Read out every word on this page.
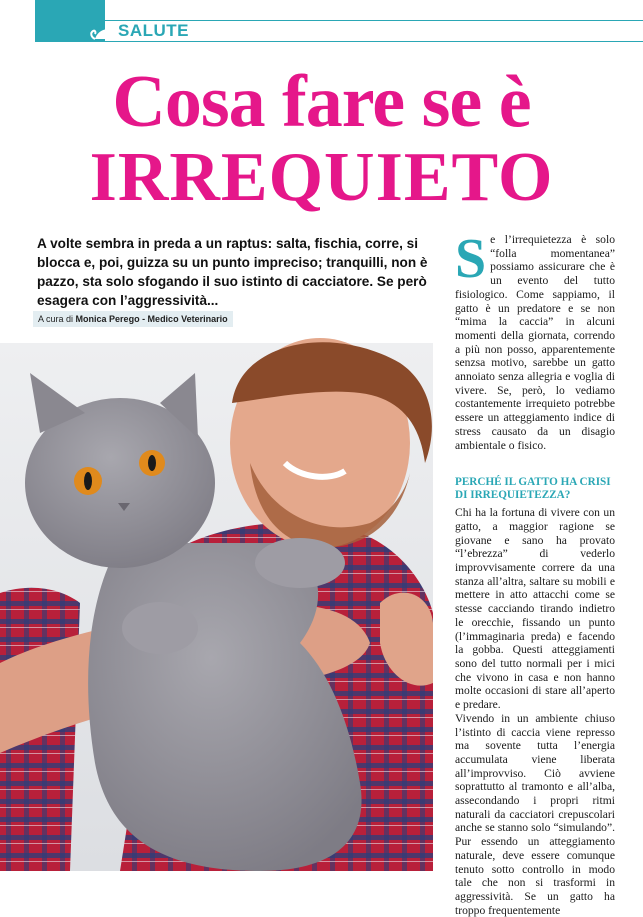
SALUTE
Cosa fare se è
IRREQUIETO
A volte sembra in preda a un raptus: salta, fischia, corre, si blocca e, poi, guizza su un punto impreciso; tranquilli, non è pazzo, sta solo sfogando il suo istinto di cacciatore. Se però esagera con l’aggressività...
A cura di Monica Perego - Medico Veterinario
S e l’irrequietezza è solo “folla momentanea” possiamo assicurare che è un evento del tutto fisiologico. Come sappiamo, il gatto è un predatore e se non “mima la caccia” in alcuni momenti della giornata, correndo a più non posso, apparentemente senzsa motivo, sarebbe un gatto annoiato senza allegria e voglia di vivere. Se, però, lo vediamo costantemente irrequieto potrebbe essere un atteggiamento indice di stress causato da un disagio ambientale o fisico.

PERCHÉ IL GATTO HA CRISI DI IRREQUIETEZZA?

Chi ha la fortuna di vivere con un gatto, a maggior ragione se giovane e sano ha provato “l’ebrezza” di vederlo improvvisamente correre da una stanza all’altra, saltare su mobili e mettere in atto attacchi come se stesse cacciando tirando indietro le orecchie, fissando un punto (l’immaginaria preda) e facendo la gobba. Questi atteggiamenti sono del tutto normali per i mici che vivono in casa e non hanno molte occasioni di stare all’aperto e predare.

Vivendo in un ambiente chiuso l’istinto di caccia viene represso ma sovente tutta l’energia accumulata viene liberata all’improvviso. Ciò avviene soprattutto al tramonto e all’alba, assecondando i propri ritmi naturali da cacciatori crepuscolari anche se stanno solo “simulando”. Pur essendo un atteggiamento naturale, deve essere comunque tenuto sotto controllo in modo tale che non si trasformi in aggressività. Se un gatto ha troppo frequentemente
